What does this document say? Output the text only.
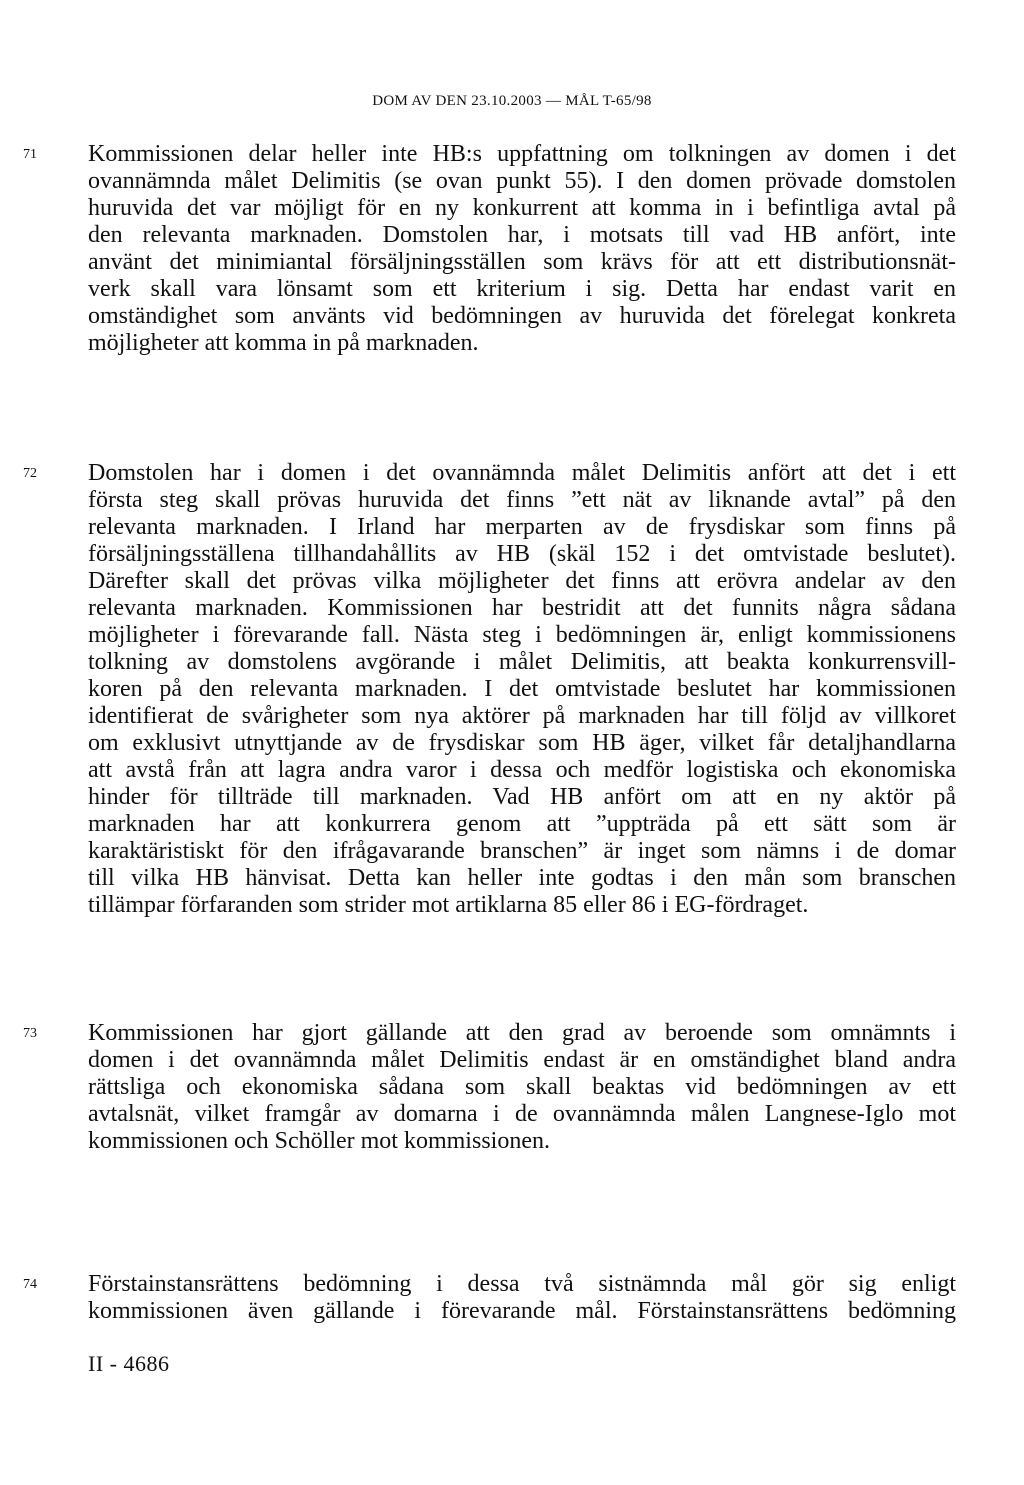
DOM AV DEN 23.10.2003 — MÅL T-65/98
71 Kommissionen delar heller inte HB:s uppfattning om tolkningen av domen i det
ovannämnda målet Delimitis (se ovan punkt 55). I den domen prövade domstolen
huruvida det var möjligt för en ny konkurrent att komma in i befintliga avtal på
den relevanta marknaden. Domstolen har, i motsats till vad HB anfört, inte
använt det minimiantal försäljningsställen som krävs för att ett distributionsnät-
verk skall vara lönsamt som ett kriterium i sig. Detta har endast varit en
omständighet som använts vid bedömningen av huruvida det förelegat konkreta
möjligheter att komma in på marknaden.
72 Domstolen har i domen i det ovannämnda målet Delimitis anfört att det i ett
första steg skall prövas huruvida det finns ”ett nät av liknande avtal” på den
relevanta marknaden. I Irland har merparten av de frysdiskar som finns på
försäljningsställena tillhandahållits av HB (skäl 152 i det omtvistade beslutet).
Därefter skall det prövas vilka möjligheter det finns att erövra andelar av den
relevanta marknaden. Kommissionen har bestridit att det funnits några sådana
möjligheter i förevarande fall. Nästa steg i bedömningen är, enligt kommissionens
tolkning av domstolens avgörande i målet Delimitis, att beakta konkurrensvill-
koren på den relevanta marknaden. I det omtvistade beslutet har kommissionen
identifierat de svårigheter som nya aktörer på marknaden har till följd av villkoret
om exklusivt utnyttjande av de frysdiskar som HB äger, vilket får detaljhandlarna
att avstå från att lagra andra varor i dessa och medför logistiska och ekonomiska
hinder för tillträde till marknaden. Vad HB anfört om att en ny aktör på
marknaden har att konkurrera genom att ”uppträda på ett sätt som är
karaktäristiskt för den ifrågavarande branschen” är inget som nämns i de domar
till vilka HB hänvisat. Detta kan heller inte godtas i den mån som branschen
tillämpar förfaranden som strider mot artiklarna 85 eller 86 i EG-fördraget.
73 Kommissionen har gjort gällande att den grad av beroende som omnämnts i
domen i det ovannämnda målet Delimitis endast är en omständighet bland andra
rättsliga och ekonomiska sådana som skall beaktas vid bedömningen av ett
avtalsnät, vilket framgår av domarna i de ovannämnda målen Langnese-Iglo mot
kommissionen och Schöller mot kommissionen.
74 Förstainstansrättens bedömning i dessa två sistnämnda mål gör sig enligt
kommissionen även gällande i förevarande mål. Förstainstansrättens bedömning
II - 4686
